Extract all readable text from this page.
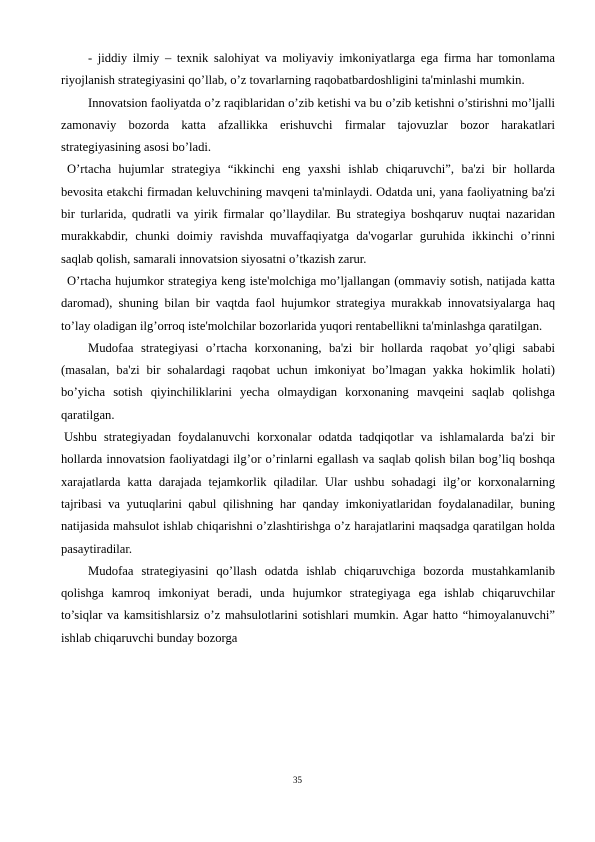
- jiddiy ilmiy – texnik salohiyat va moliyaviy imkoniyatlarga ega firma har tomonlama riyojlanish strategiyasini qo’llab, o’z tovarlarning raqobatbardoshligini ta'minlashi mumkin.

Innovatsion faoliyatda o’z raqiblaridan o’zib ketishi va bu o’zib ketishni o’stirishni mo’ljalli zamonaviy bozorda katta afzallikka erishuvchi firmalar tajovuzlar bozor harakatlari strategiyasining asosi bo’ladi.

O’rtacha hujumlar strategiya “ikkinchi eng yaxshi ishlab chiqaruvchi”, ba'zi bir hollarda bevosita etakchi firmadan keluvchining mavqeni ta'minlaydi. Odatda uni, yana faoliyatning ba'zi bir turlarida, qudratli va yirik firmalar qo’llaydilar. Bu strategiya boshqaruv nuqtai nazaridan murakkabdir, chunki doimiy ravishda muvaffaqiyatga da'vogarlar guruhida ikkinchi o’rinni saqlab qolish, samarali innovatsion siyosatni o’tkazish zarur.

O’rtacha hujumkor strategiya keng iste'molchiga mo’ljallangan (ommaviy sotish, natijada katta daromad), shuning bilan bir vaqtda faol hujumkor strategiya murakkab innovatsiyalarga haq to’lay oladigan ilg’orroq iste'molchilar bozorlarida yuqori rentabellikni ta'minlashga qaratilgan.

Mudofaa strategiyasi o’rtacha korxonaning, ba'zi bir hollarda raqobat yo’qligi sababi (masalan, ba'zi bir sohalardagi raqobat uchun imkoniyat bo’lmagan yakka hokimlik holati) bo’yicha sotish qiyinchiliklarini yecha olmaydigan korxonaning mavqeini saqlab qolishga qaratilgan.

Ushbu strategiyadan foydalanuvchi korxonalar odatda tadqiqotlar va ishlamalarda ba'zi bir hollarda innovatsion faoliyatdagi ilg’or o’rinlarni egallash va saqlab qolish bilan bog’liq boshqa xarajatlarda katta darajada tejamkorlik qiladilar. Ular ushbu sohadagi ilg’or korxonalarning tajribasi va yutuqlarini qabul qilishning har qanday imkoniyatlaridan foydalanadilar, buning natijasida mahsulot ishlab chiqarishni o’zlashtirishga o’z harajatlarini maqsadga qaratilgan holda pasaytiradilar.

Mudofaa strategiyasini qo’llash odatda ishlab chiqaruvchiga bozorda mustahkamlanib qolishga kamroq imkoniyat beradi, unda hujumkor strategiyaga ega ishlab chiqaruvchilar to’siqlar va kamsitishlarsiz o’z mahsulotlarini sotishlari mumkin. Agar hatto “himoyalanuvchi” ishlab chiqaruvchi bunday bozorga

35
